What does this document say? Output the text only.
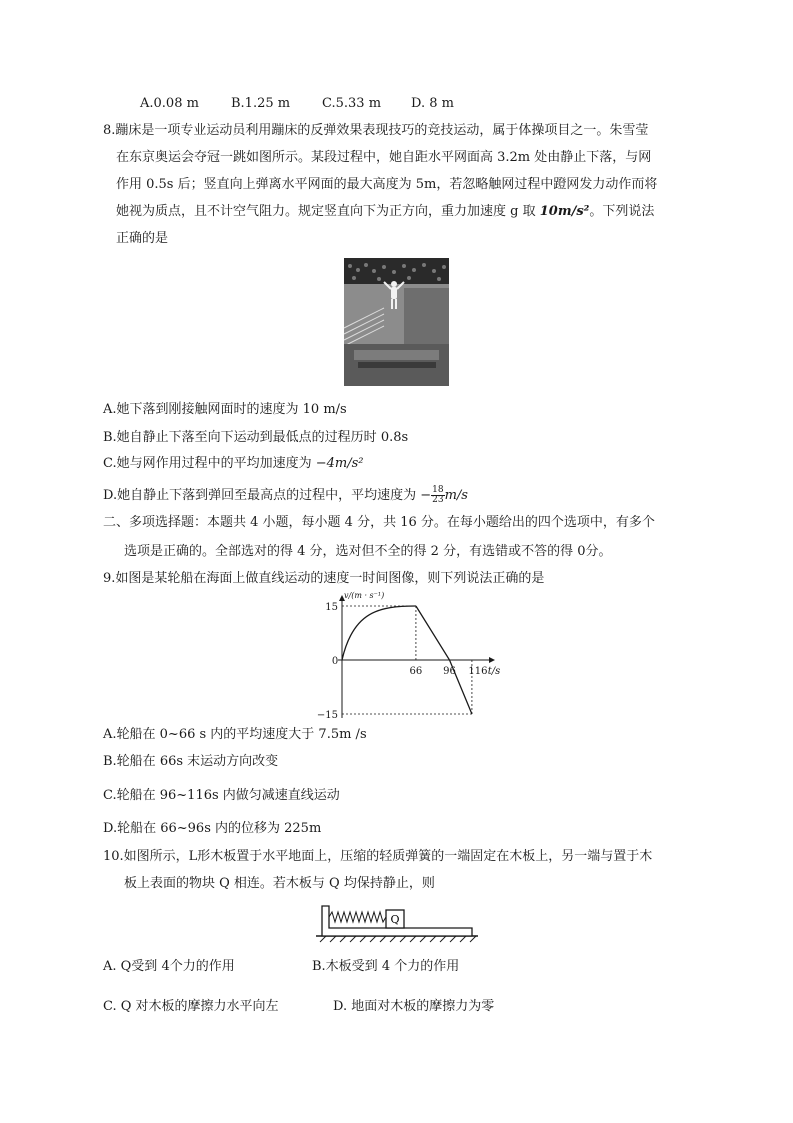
A.0.08 m B.1.25 m C.5.33 m D. 8 m
8.蹦床是一项专业运动员利用蹦床的反弹效果表现技巧的竞技运动，属于体操项目之一。朱雪莹
在东京奥运会夺冠一跳如图所示。某段过程中，她自距水平网面高 3.2m 处由静止下落，与网
作用 0.5s 后；竖直向上弹离水平网面的最大高度为 5m，若忽略触网过程中蹬网发力动作而将
她视为质点，且不计空气阻力。规定竖直向下为正方向，重力加速度 g 取 10m/s²。下列说法
正确的是
A.她下落到刚接触网面时的速度为 10 m/s
B.她自静止下落至向下运动到最低点的过程历时 0.8s
C.她与网作用过程中的平均加速度为 −4m/s²
D.她自静止下落到弹回至最高点的过程中，平均速度为 − $\frac{18}{23} m/s$
二、多项选择题：本题共 4 小题，每小题 4 分，共 16 分。在每小题给出的四个选项中，有多个
选项是正确的。全部选对的得 4 分，选对但不全的得 2 分，有选错或不答的得 0分。
9.如图是某轮船在海面上做直线运动的速度一时间图像，则下列说法正确的是
v/(m · s⁻¹)
t/s
0
15
−15
66 96 116
A.轮船在 0~66 s 内的平均速度大于 7.5m /s
B.轮船在 66s 末运动方向改变
C.轮船在 96~116s 内做匀减速直线运动
D.轮船在 66~96s 内的位移为 225m
10.如图所示，L形木板置于水平地面上，压缩的轻质弹簧的一端固定在木板上，另一端与置于木
板上表面的物块 Q 相连。若木板与 Q 均保持静止，则
Q
A. Q受到 4个力的作用	B.木板受到 4 个力的作用
C. Q 对木板的摩擦力水平向左	D. 地面对木板的摩擦力为零
